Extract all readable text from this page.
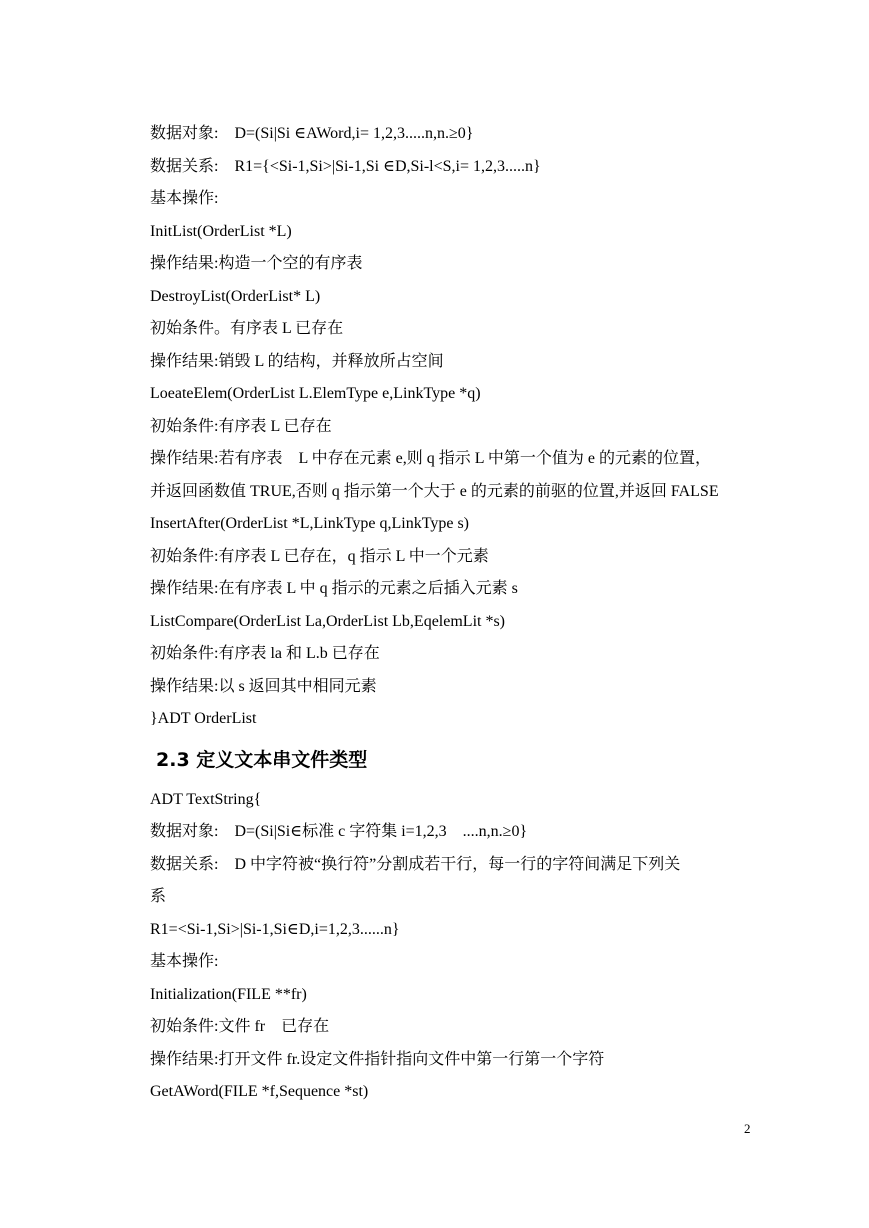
数据对象:　D=(Si|Si ∈AWord,i= 1,2,3.....n,n.≥0}
数据关系:　R1={<Si-1,Si>|Si-1,Si ∈D,Si-l<S,i= 1,2,3.....n}
基本操作:
InitList(OrderList *L)
操作结果:构造一个空的有序表
DestroyList(OrderList* L)
初始条件。有序表 L 已存在
操作结果:销毁 L 的结构，并释放所占空间
LoeateElem(OrderList L.ElemType e,LinkType *q)
初始条件:有序表 L 已存在
操作结果:若有序表　L 中存在元素 e,则 q 指示 L 中第一个值为 e 的元素的位置，
并返回函数值 TRUE,否则 q 指示第一个大于 e 的元素的前驱的位置,并返回 FALSE
InsertAfter(OrderList *L,LinkType q,LinkType s)
初始条件:有序表 L 已存在，q 指示 L 中一个元素
操作结果:在有序表 L 中 q 指示的元素之后插入元素 s
ListCompare(OrderList La,OrderList Lb,EqelemLit *s)
初始条件:有序表 la 和 L.b 已存在
操作结果:以 s 返回其中相同元素
}ADT OrderList
2.3 定义文本串文件类型
ADT TextString{
数据对象:　D=(Si|Si∈标准 c 字符集 i=1,2,3　....n,n.≥0}
数据关系:　D 中字符被“换行符”分割成若干行，每一行的字符间满足下列关
系
R1=<Si-1,Si>|Si-1,Si∈D,i=1,2,3......n}
基本操作:
Initialization(FILE **fr)
初始条件:文件 fr　已存在
操作结果:打开文件 fr.设定文件指针指向文件中第一行第一个字符
GetAWord(FILE *f,Sequence *st)
2
